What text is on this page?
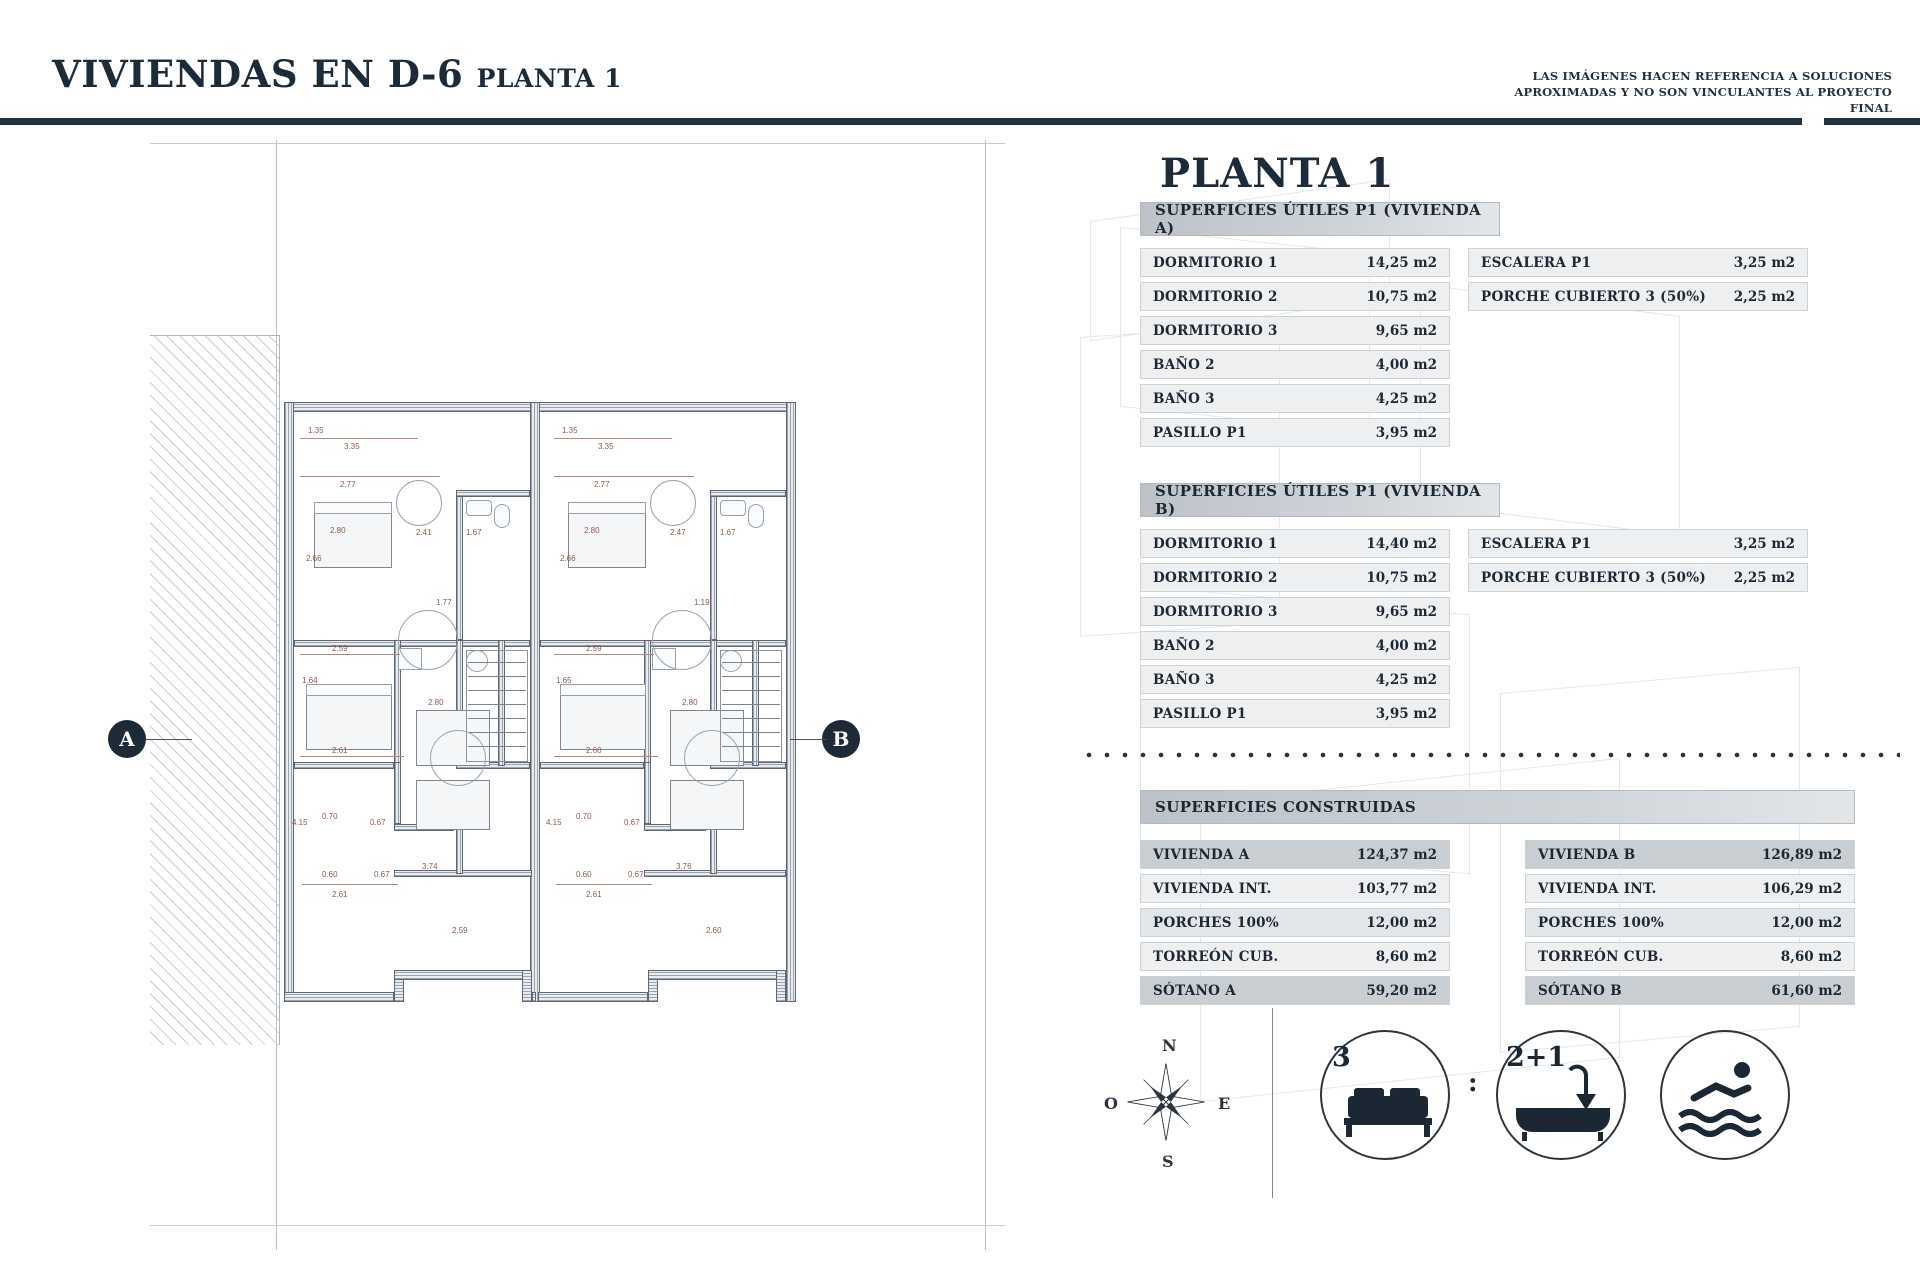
VIVIENDAS EN D-6 PLANTA 1	LAS IMÁGENES HACEN REFERENCIA A SOLUCIONES
APROXIMADAS Y NO SON VINCULANTES AL PROYECTO FINAL
1.35
3.35
2.77
2.41	1.67
2.80
2.66
1.77
2.59
1.64
2.80
2.61
4.15
3.74
2.61
2.59
0.70
0.67
0.60	0.67
1.35
3.35
2.77
2.47	1.67
2.80
2.66
1.19
2.59
1.65
2.80
2.60
4.15
3.76
2.61
2.60
0.70
0.67
0.60	0.67
A	B
PLANTA 1
SUPERFICIES ÚTILES P1 (VIVIENDA A)
DORMITORIO 1	14,25 m2
DORMITORIO 2	10,75 m2
DORMITORIO 3	9,65 m2
BAÑO 2	4,00 m2
BAÑO 3	4,25 m2
PASILLO P1	3,95 m2
ESCALERA P1	3,25 m2
PORCHE CUBIERTO 3 (50%) 2,25 m2
SUPERFICIES ÚTILES P1 (VIVIENDA B)
DORMITORIO 1	14,40 m2
DORMITORIO 2	10,75 m2
DORMITORIO 3	9,65 m2
BAÑO 2	4,00 m2
BAÑO 3	4,25 m2
PASILLO P1	3,95 m2
ESCALERA P1	3,25 m2
PORCHE CUBIERTO 3 (50%) 2,25 m2
SUPERFICIES CONSTRUIDAS
VIVIENDA A	124,37 m2
VIVIENDA INT.	103,77 m2
PORCHES 100%	12,00 m2
TORREÓN CUB.	8,60 m2
SÓTANO A	59,20 m2
VIVIENDA B	126,89 m2
VIVIENDA INT.	106,29 m2
PORCHES 100%	12,00 m2
TORREÓN CUB.	8,60 m2
SÓTANO B	61,60 m2
N
S
E
O
3
:
2+1
